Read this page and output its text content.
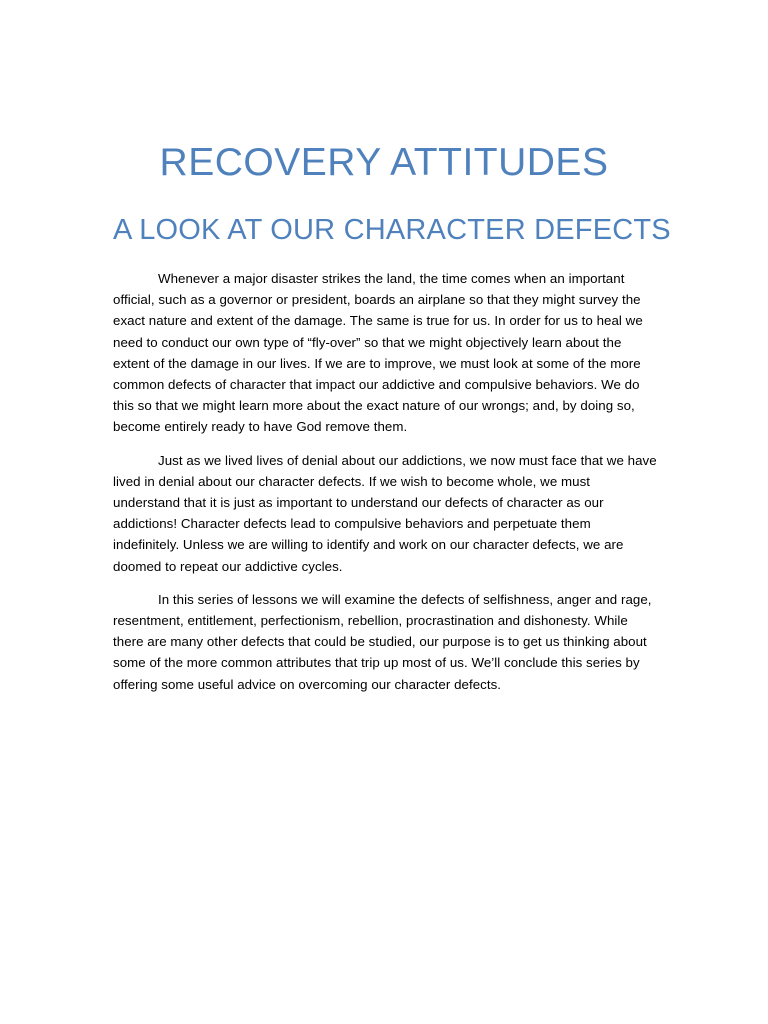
RECOVERY ATTITUDES
A LOOK AT OUR CHARACTER DEFECTS

Whenever a major disaster strikes the land, the time comes when an important official, such as a governor or president, boards an airplane so that they might survey the exact nature and extent of the damage. The same is true for us. In order for us to heal we need to conduct our own type of “fly-over” so that we might objectively learn about the extent of the damage in our lives. If we are to improve, we must look at some of the more common defects of character that impact our addictive and compulsive behaviors. We do this so that we might learn more about the exact nature of our wrongs; and, by doing so, become entirely ready to have God remove them.

Just as we lived lives of denial about our addictions, we now must face that we have lived in denial about our character defects. If we wish to become whole, we must understand that it is just as important to understand our defects of character as our addictions! Character defects lead to compulsive behaviors and perpetuate them indefinitely. Unless we are willing to identify and work on our character defects, we are doomed to repeat our addictive cycles.

In this series of lessons we will examine the defects of selfishness, anger and rage, resentment, entitlement, perfectionism, rebellion, procrastination and dishonesty. While there are many other defects that could be studied, our purpose is to get us thinking about some of the more common attributes that trip up most of us. We’ll conclude this series by offering some useful advice on overcoming our character defects.
